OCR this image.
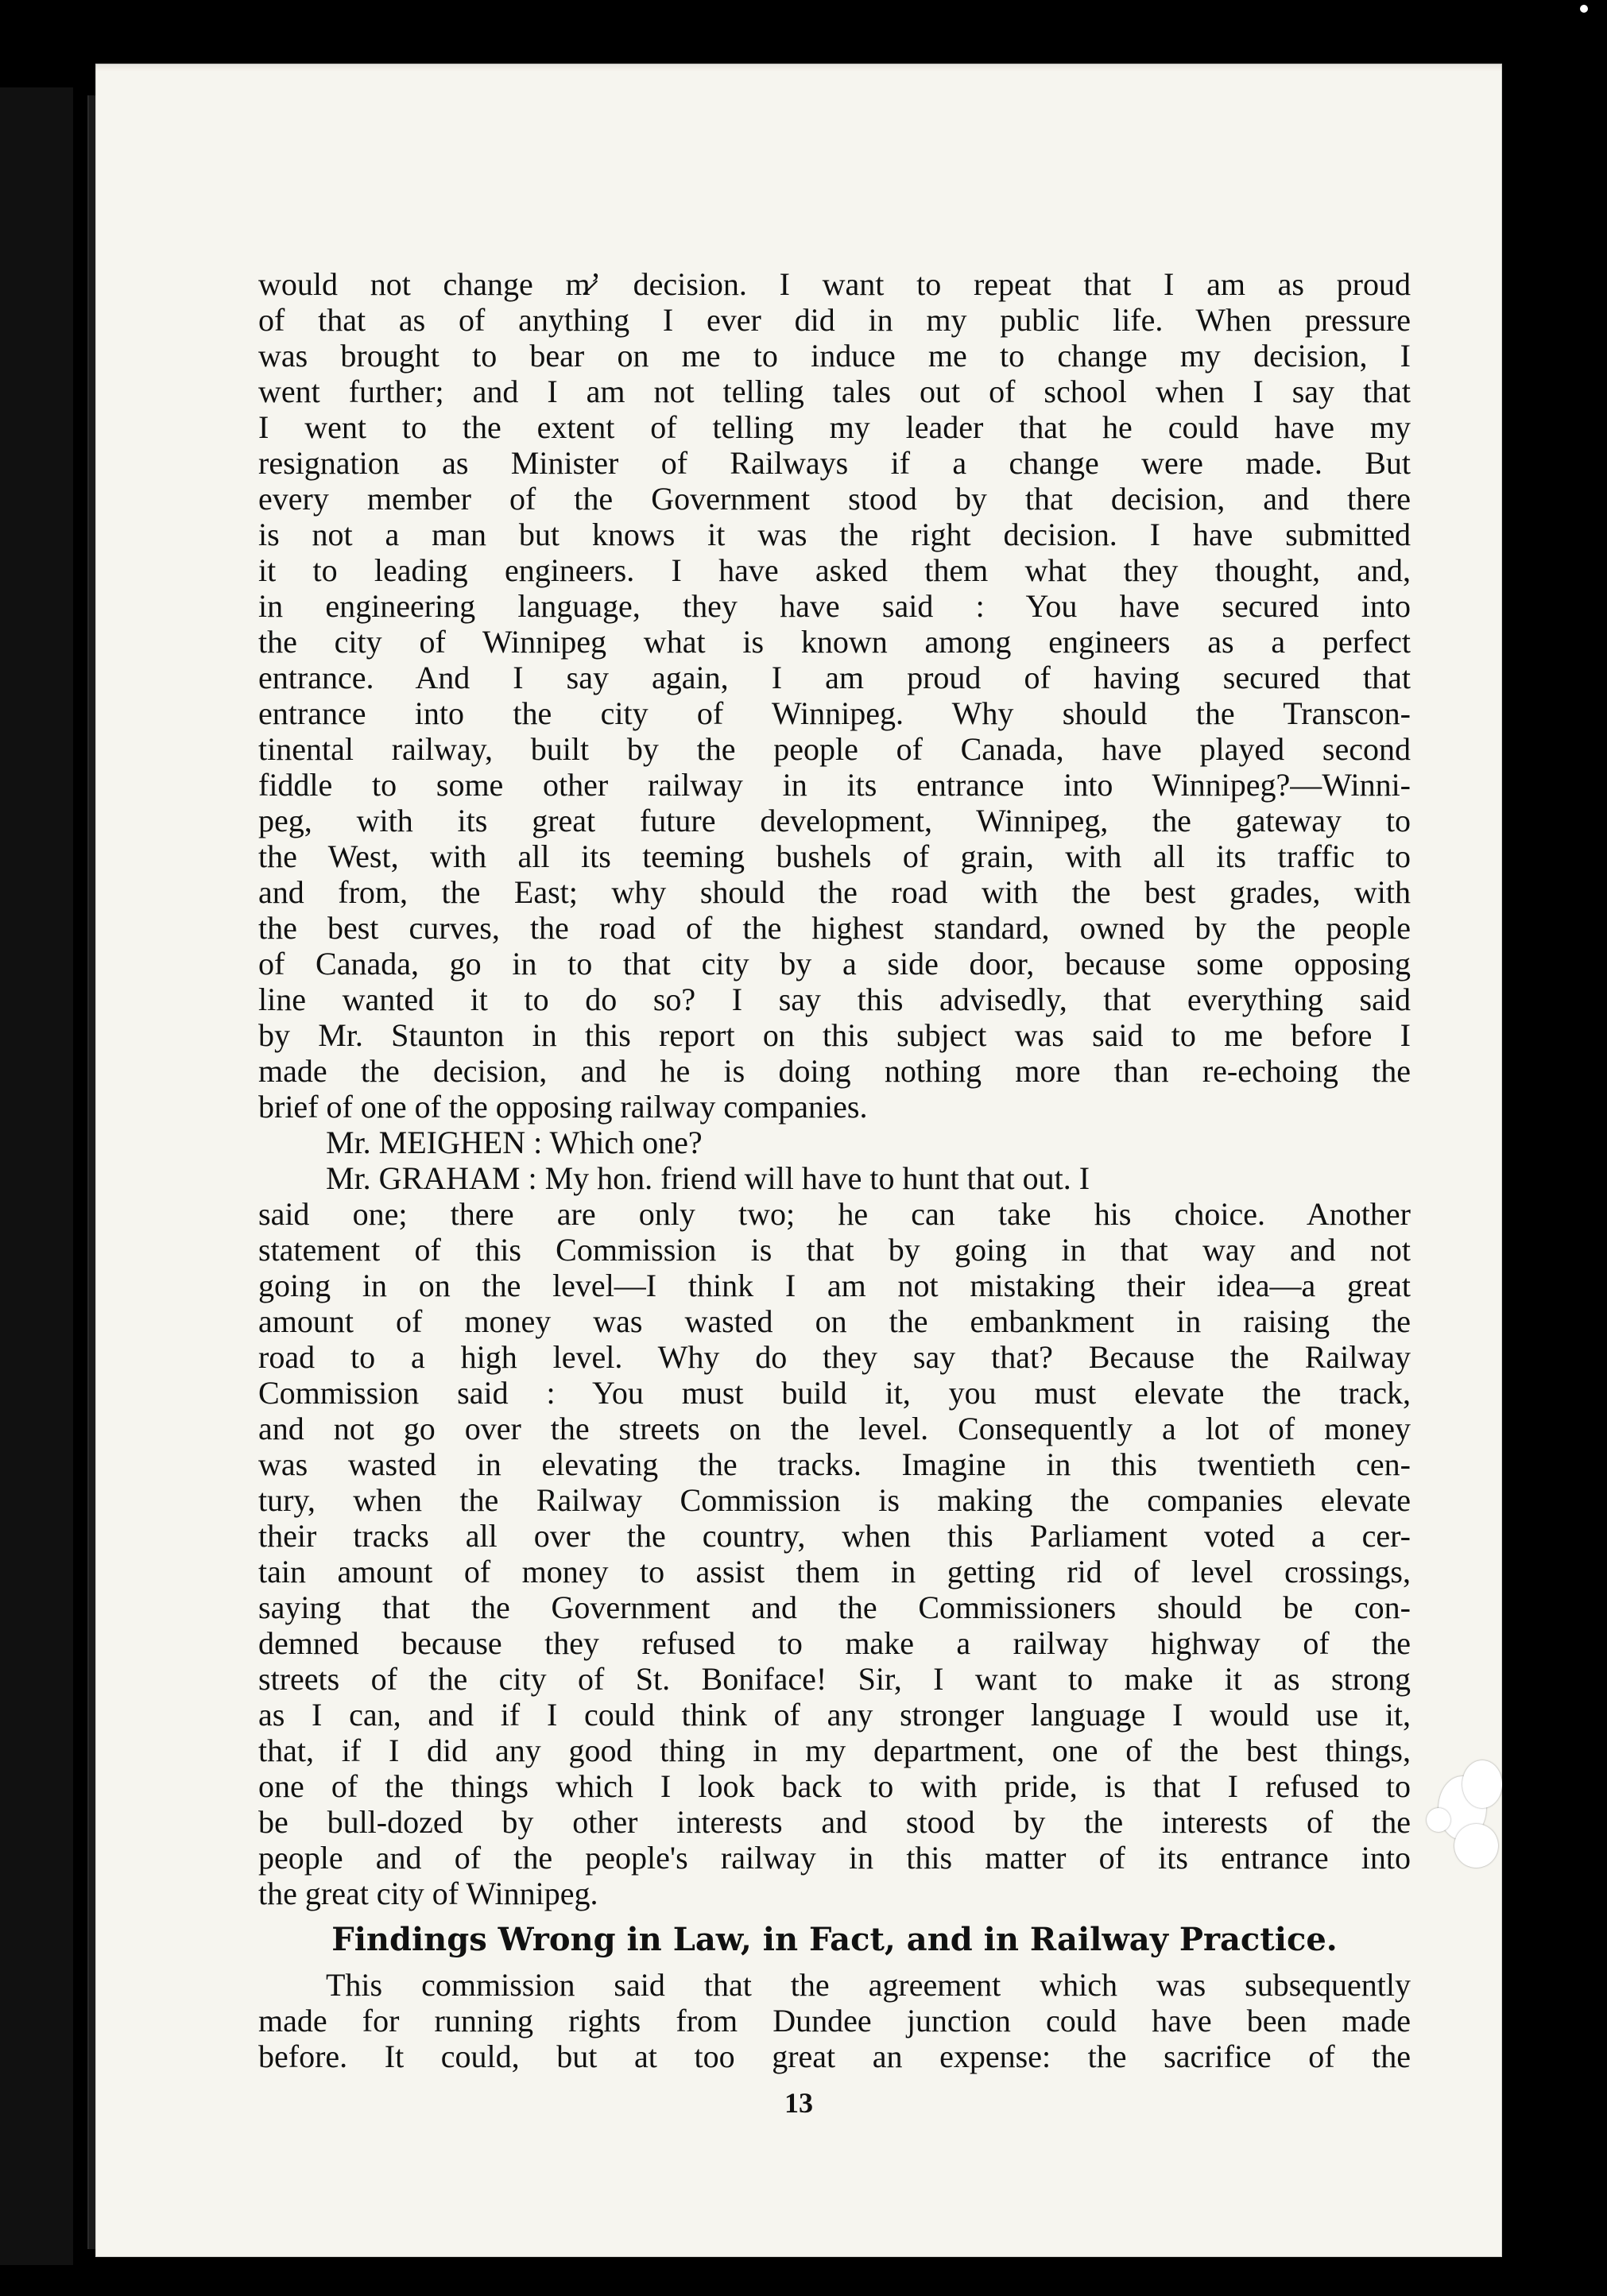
would not change m̷ʼ decision. I want to repeat that I am as proud

of that as of anything I ever did in my public life. When pressure

was brought to bear on me to induce me to change my decision, I

went further; and I am not telling tales out of school when I say that

I went to the extent of telling my leader that he could have my

resignation as Minister of Railways if a change were made. But

every member of the Government stood by that decision, and there

is not a man but knows it was the right decision. I have submitted

it to leading engineers. I have asked them what they thought, and,

in engineering language, they have said : You have secured into

the city of Winnipeg what is known among engineers as a perfect

entrance. And I say again, I am proud of having secured that

entrance into the city of Winnipeg. Why should the Transcon-

tinental railway, built by the people of Canada, have played second

fiddle to some other railway in its entrance into Winnipeg?—Winni-

peg, with its great future development, Winnipeg, the gateway to

the West, with all its teeming bushels of grain, with all its traffic to

and from, the East; why should the road with the best grades, with

the best curves, the road of the highest standard, owned by the people

of Canada, go in to that city by a side door, because some opposing

line wanted it to do so? I say this advisedly, that everything said

by Mr. Staunton in this report on this subject was said to me before I

made the decision, and he is doing nothing more than re-echoing the

brief of one of the opposing railway companies.

Mr. MEIGHEN : Which one?

Mr. GRAHAM : My hon. friend will have to hunt that out. I

said one; there are only two; he can take his choice. Another

statement of this Commission is that by going in that way and not

going in on the level—I think I am not mistaking their idea—a great

amount of money was wasted on the embankment in raising the

road to a high level. Why do they say that? Because the Railway

Commission said : You must build it, you must elevate the track,

and not go over the streets on the level. Consequently a lot of money

was wasted in elevating the tracks. Imagine in this twentieth cen-

tury, when the Railway Commission is making the companies elevate

their tracks all over the country, when this Parliament voted a cer-

tain amount of money to assist them in getting rid of level crossings,

saying that the Government and the Commissioners should be con-

demned because they refused to make a railway highway of the

streets of the city of St. Boniface! Sir, I want to make it as strong

as I can, and if I could think of any stronger language I would use it,

that, if I did any good thing in my department, one of the best things,

one of the things which I look back to with pride, is that I refused to

be bull-dozed by other interests and stood by the interests of the

people and of the people's railway in this matter of its entrance into

the great city of Winnipeg.

Findings Wrong in Law, in Fact, and in Railway Practice.

This commission said that the agreement which was subsequently

made for running rights from Dundee junction could have been made

before. It could, but at too great an expense: the sacrifice of the

13
